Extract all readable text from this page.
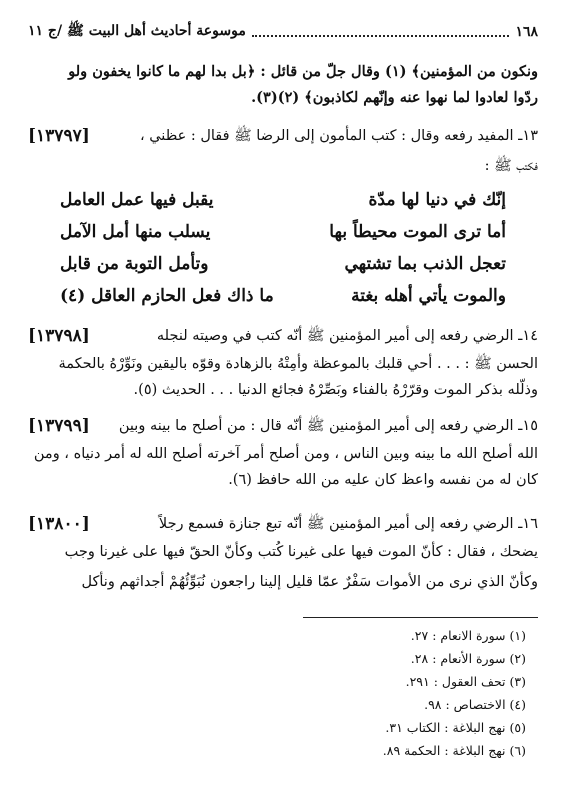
١٦٨
موسوعة أحاديث أهل البيت ﷺ /ج ١١
ونكون من المؤمنين﴾ (١) وقال جلّ من قائل : ﴿بل بدا لهم ما كانوا يخفون ولو
ردّوا لعادوا لما نهوا عنه وإنّهم لكاذبون﴾ (٢)(٣).
١٣ـ المفيد رفعه وقال : كتب المأمون إلى الرضا ﷺ فقال : عظني ،
[١٣٧٩٧]
فكتب ﷺ :
إنّك في دنيا لها مدّة
يقبل فيها عمل العامل
أما ترى الموت محيطاً بها
يسلب منها أمل الآمل
تعجل الذنب بما تشتهي
وتأمل التوبة من قابل
والموت يأتي أهله بغتة
ما ذاك فعل الحازم العاقل (٤)
١٤ـ الرضي رفعه إلى أمير المؤمنين ﷺ أنّه كتب في وصيته لنجله
[١٣٧٩٨]
الحسن ﷺ : . . . أحي قلبك بالموعظة وأمِتْهُ بالزهادة وقوّه باليقين ونَوِّرْهُ بالحكمة
وذلّله بذكر الموت وقرّرْهُ بالفناء وبَصِّرْهُ فجائع الدنيا . . . الحديث (٥).
١٥ـ الرضي رفعه إلى أمير المؤمنين ﷺ أنّه قال : من أصلح ما بينه وبين
[١٣٧٩٩]
الله أصلح الله ما بينه وبين الناس ، ومن أصلح أمر آخرته أصلح الله له أمر دنياه ، ومن
كان له من نفسه واعظ كان عليه من الله حافظ (٦).
١٦ـ الرضي رفعه إلى أمير المؤمنين ﷺ أنّه تبع جنازة فسمع رجلاً
[١٣٨٠٠]
يضحك ، فقال : كأنّ الموت فيها على غيرنا كُتب وكأنّ الحقّ فيها على غيرنا وجب
وكأنّ الذي نرى من الأموات سَفْرٌ عمّا قليل إلينا راجعون نُبَوِّئُهُمْ أجداثهم ونأكل
(١) سورة الانعام : ٢٧.
(٢) سورة الأنعام : ٢٨.
(٣) تحف العقول : ٢٩١.
(٤) الاختصاص : ٩٨.
(٥) نهج البلاغة : الكتاب ٣١.
(٦) نهج البلاغة : الحكمة ٨٩.
